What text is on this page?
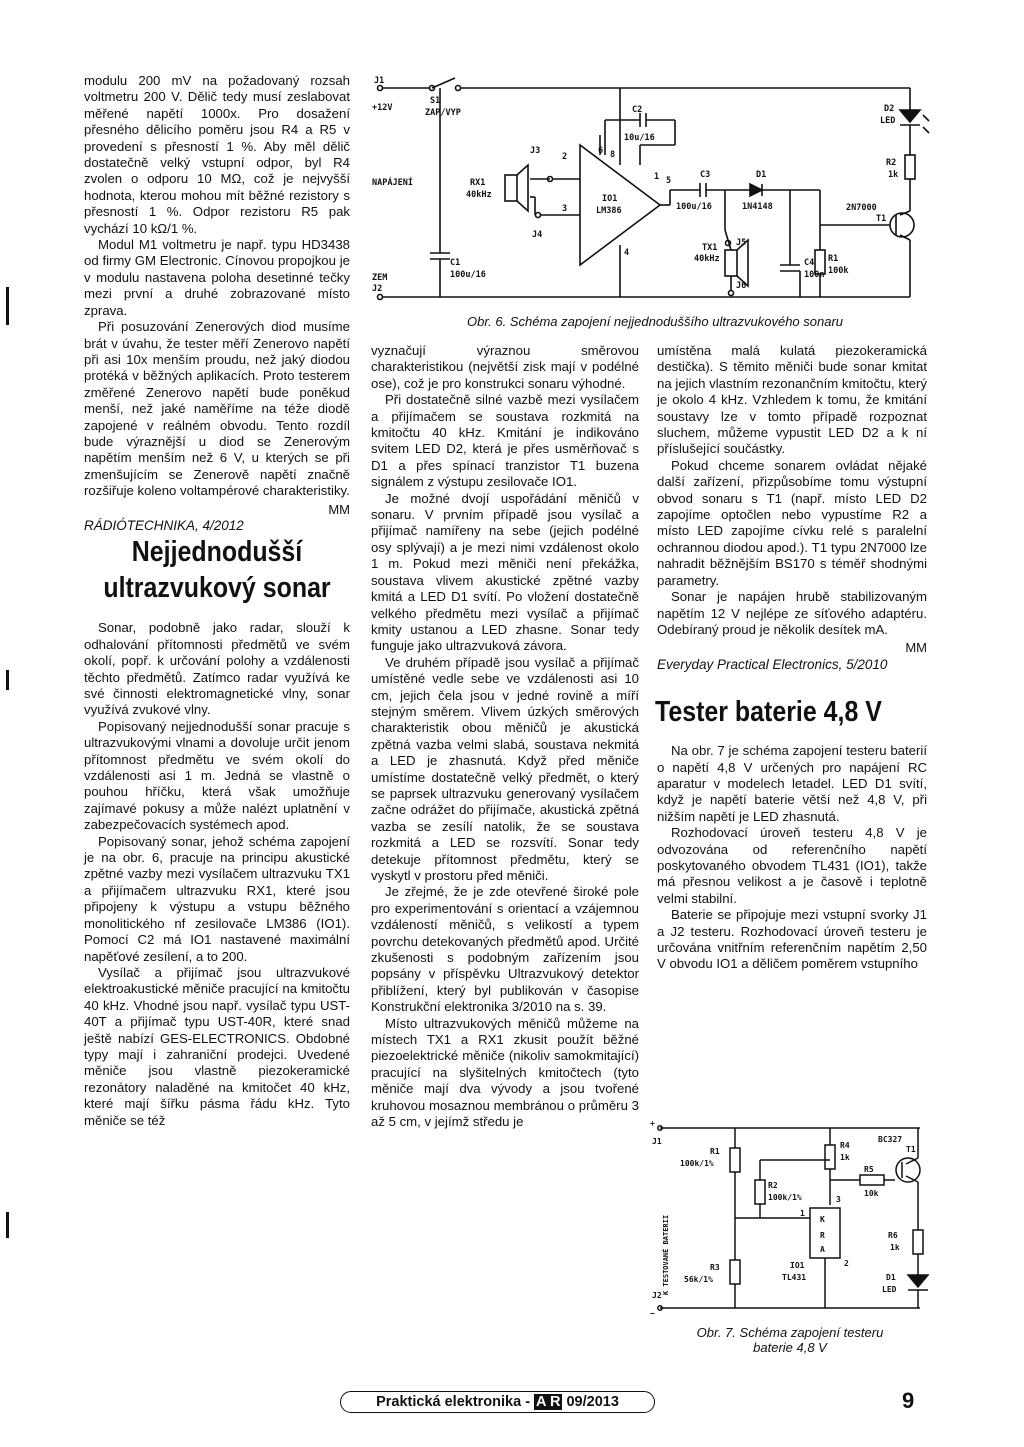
modulu 200 mV na požadovaný rozsah voltmetru 200 V. Dělič tedy musí zeslabovat měřené napětí 1000x. Pro dosažení přesného dělicího poměru jsou R4 a R5 v provedení s přesností 1 %. Aby měl dělič dostatečně velký vstupní odpor, byl R4 zvolen o odporu 10 MΩ, což je nejvyšší hodnota, kterou mohou mít běžné rezistory s přesností 1 %. Odpor rezistoru R5 pak vychází 10 kΩ/1 %.

Modul M1 voltmetru je např. typu HD3438 od firmy GM Electronic. Cínovou propojkou je v modulu nastavena poloha desetinné tečky mezi první a druhé zobrazované místo zprava.

Při posuzování Zenerových diod musíme brát v úvahu, že tester měří Zenerovo napětí při asi 10x menším proudu, než jaký diodou protéká v běžných aplikacích. Proto testerem změřené Zenerovo napětí bude poněkud menší, než jaké naměříme na téže diodě zapojené v reálném obvodu. Tento rozdíl bude výraznější u diod se Zenerovým napětím menším než 6 V, u kterých se při zmenšujícím se Zenerově napětí značně rozšiřuje koleno voltampérové charakteristiky.

MM

RÁDIÓTECHNIKA, 4/2012

Nejjednodušší ultrazvukový sonar

Sonar, podobně jako radar, slouží k odhalování přítomnosti předmětů ve svém okolí, popř. k určování polohy a vzdálenosti těchto předmětů. Zatímco radar využívá ke své činnosti elektromagnetické vlny, sonar využívá zvukové vlny.

Popisovaný nejjednodušší sonar pracuje s ultrazvukovými vlnami a dovoluje určit jenom přítomnost předmětu ve svém okolí do vzdálenosti asi 1 m. Jedná se vlastně o pouhou hříčku, která však umožňuje zajímavé pokusy a může nalézt uplatnění v zabezpečovacích systémech apod.

Popisovaný sonar, jehož schéma zapojení je na obr. 6, pracuje na principu akustické zpětné vazby mezi vysílačem ultrazvuku TX1 a přijímačem ultrazvuku RX1, které jsou připojeny k výstupu a vstupu běžného monolitického nf zesilovače LM386 (IO1). Pomocí C2 má IO1 nastavené maximální napěťové zesílení, a to 200.

Vysílač a přijímač jsou ultrazvukové elektroakustické měniče pracující na kmitočtu 40 kHz. Vhodné jsou např. vysílač typu UST-40T a přijímač typu UST-40R, které snad ještě nabízí GES-ELECTRONICS. Obdobné typy mají i zahraniční prodejci. Uvedené měniče jsou vlastně piezokeramické rezonátory naladěné na kmitočet 40 kHz, které mají šířku pásma řádu kHz. Tyto měniče se též

J1
+12V
S1
ZAP/VYP
NAPÁJENÍ
ZEM
J2
C1
100u/16
RX1
40kHz
J3
J4
C2
10u/16
IO1
LM386
C3
100u/16
D1
1N4148
J5
TX1
40kHz
J6
C4
100n
R1
100k
D2
LED
R2
1k
2N7000
T1
5
2
3
4
6 8
1
Obr. 6. Schéma zapojení nejjednoduššího ultrazvukového sonaru

vyznačují výraznou směrovou charakteristikou (největší zisk mají v podélné ose), což je pro konstrukci sonaru výhodné.

Při dostatečně silné vazbě mezi vysílačem a přijímačem se soustava rozkmitá na kmitočtu 40 kHz. Kmitání je indikováno svitem LED D2, která je přes usměrňovač s D1 a přes spínací tranzistor T1 buzena signálem z výstupu zesilovače IO1.

Je možné dvojí uspořádání měničů v sonaru. V prvním případě jsou vysílač a přijímač namířeny na sebe (jejich podélné osy splývají) a je mezi nimi vzdálenost okolo 1 m. Pokud mezi měniči není překážka, soustava vlivem akustické zpětné vazby kmitá a LED D1 svítí. Po vložení dostatečně velkého předmětu mezi vysílač a přijímač kmity ustanou a LED zhasne. Sonar tedy funguje jako ultrazvuková závora.

Ve druhém případě jsou vysílač a přijímač umístěné vedle sebe ve vzdálenosti asi 10 cm, jejich čela jsou v jedné rovině a míří stejným směrem. Vlivem úzkých směrových charakteristik obou měničů je akustická zpětná vazba velmi slabá, soustava nekmitá a LED je zhasnutá. Když před měniče umístíme dostatečně velký předmět, o který se paprsek ultrazvuku generovaný vysílačem začne odrážet do přijímače, akustická zpětná vazba se zesílí natolik, že se soustava rozkmitá a LED se rozsvítí. Sonar tedy detekuje přítomnost předmětu, který se vyskytl v prostoru před měniči.

Je zřejmé, že je zde otevřené široké pole pro experimentování s orientací a vzájemnou vzdáleností měničů, s velikostí a typem povrchu detekovaných předmětů apod. Určité zkušenosti s podobným zařízením jsou popsány v příspěvku Ultrazvukový detektor přiblížení, který byl publikován v časopise Konstrukční elektronika 3/2010 na s. 39.

Místo ultrazvukových měničů můžeme na místech TX1 a RX1 zkusit použít běžné piezoelektrické měniče (nikoliv samokmitající) pracující na slyšitelných kmitočtech (tyto měniče mají dva vývody a jsou tvořené kruhovou mosaznou membránou o průměru 3 až 5 cm, v jejímž středu je

umístěna malá kulatá piezokeramická destička). S těmito měniči bude sonar kmitat na jejich vlastním rezonančním kmitočtu, který je okolo 4 kHz. Vzhledem k tomu, že kmitání soustavy lze v tomto případě rozpoznat sluchem, můžeme vypustit LED D2 a k ní příslušející součástky.

Pokud chceme sonarem ovládat nějaké další zařízení, přizpůsobíme tomu výstupní obvod sonaru s T1 (např. místo LED D2 zapojíme optočlen nebo vypustíme R2 a místo LED zapojíme cívku relé s paralelní ochrannou diodou apod.). T1 typu 2N7000 lze nahradit běžnějším BS170 s téměř shodnými parametry.

Sonar je napájen hrubě stabilizovaným napětím 12 V nejlépe ze síťového adaptéru. Odebíraný proud je několik desítek mA.

MM

Everyday Practical Electronics, 5/2010

Tester baterie 4,8 V

Na obr. 7 je schéma zapojení testeru baterií o napětí 4,8 V určených pro napájení RC aparatur v modelech letadel. LED D1 svítí, když je napětí baterie větší než 4,8 V, při nižším napětí je LED zhasnutá.

Rozhodovací úroveň testeru 4,8 V je odvozována od referenčního napětí poskytovaného obvodem TL431 (IO1), takže má přesnou velikost a je časově i teplotně velmi stabilní.

Baterie se připojuje mezi vstupní svorky J1 a J2 testeru. Rozhodovací úroveň testeru je určována vnitřním referenčním napětím 2,50 V obvodu IO1 a děličem poměrem vstupního

J1
J2
+
−
R1
100k/1%
R2
100k/1%
R3
56k/1%
R4
1k
R5
10k
BC327
T1
R6
1k
D1
LED
IO1
TL431
K
R
A
1
2
3
K TESTOVANÉ BATERII
Obr. 7. Schéma zapojení testeru
baterie 4,8 V
Praktická elektronika - A R 09/2013	9
